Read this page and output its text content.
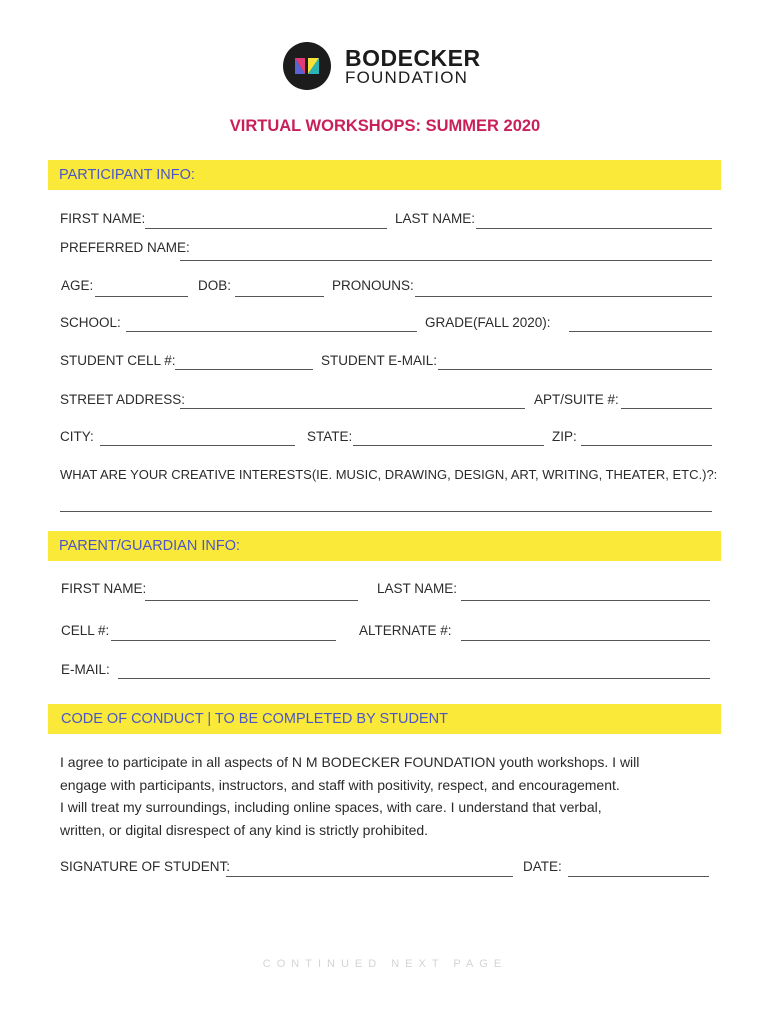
BODECKER
FOUNDATION
VIRTUAL WORKSHOPS: SUMMER 2020
PARTICIPANT INFO:
FIRST NAME:	LAST NAME:
PREFERRED NAME:
AGE:	DOB:	PRONOUNS:
SCHOOL:	GRADE(FALL 2020):
STUDENT CELL #:	STUDENT E-MAIL:
STREET ADDRESS:	APT/SUITE #:
CITY:	STATE:	ZIP:
WHAT ARE YOUR CREATIVE INTERESTS(IE. MUSIC, DRAWING, DESIGN, ART, WRITING, THEATER, ETC.)?:
PARENT/GUARDIAN INFO:
FIRST NAME:	LAST NAME:
CELL #:	ALTERNATE #:
E-MAIL:
CODE OF CONDUCT | TO BE COMPLETED BY STUDENT

I agree to participate in all aspects of N M BODECKER FOUNDATION youth workshops. I will

engage with participants, instructors, and staff with positivity, respect, and encouragement.

I will treat my surroundings, including online spaces, with care. I understand that verbal,

written, or digital disrespect of any kind is strictly prohibited.

SIGNATURE OF STUDENT:	DATE:
CONTINUED NEXT PAGE
